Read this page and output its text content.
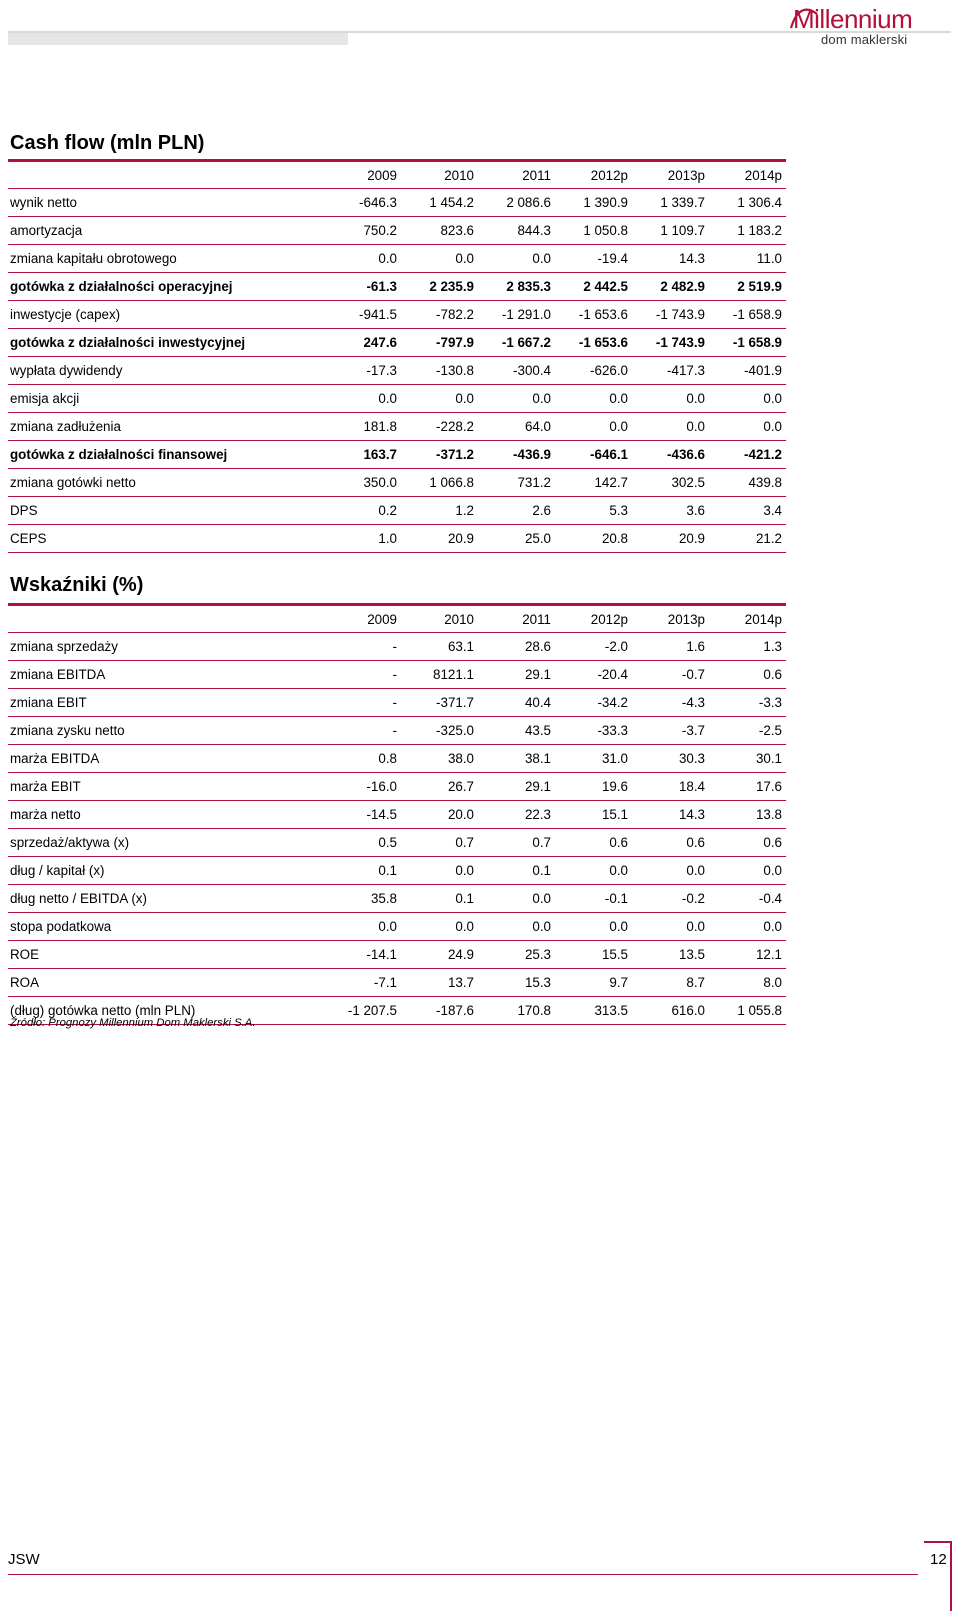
Millennium
dom maklerski
Cash flow (mln PLN)
	2009	2010	2011	2012p	2013p	2014p
wynik netto	-646.3	1 454.2	2 086.6	1 390.9	1 339.7	1 306.4
amortyzacja	750.2	823.6	844.3	1 050.8	1 109.7	1 183.2
zmiana kapitału obrotowego	0.0	0.0	0.0	-19.4	14.3	11.0
gotówka z działalności operacyjnej	-61.3	2 235.9	2 835.3	2 442.5	2 482.9	2 519.9
inwestycje (capex)	-941.5	-782.2	-1 291.0	-1 653.6	-1 743.9	-1 658.9
gotówka z działalności inwestycyjnej	247.6	-797.9	-1 667.2	-1 653.6	-1 743.9	-1 658.9
wypłata dywidendy	-17.3	-130.8	-300.4	-626.0	-417.3	-401.9
emisja akcji	0.0	0.0	0.0	0.0	0.0	0.0
zmiana zadłużenia	181.8	-228.2	64.0	0.0	0.0	0.0
gotówka z działalności finansowej	163.7	-371.2	-436.9	-646.1	-436.6	-421.2
zmiana gotówki netto	350.0	1 066.8	731.2	142.7	302.5	439.8
DPS	0.2	1.2	2.6	5.3	3.6	3.4
CEPS	1.0	20.9	25.0	20.8	20.9	21.2
Wskaźniki (%)
	2009	2010	2011	2012p	2013p	2014p
zmiana sprzedaży	-	63.1	28.6	-2.0	1.6	1.3
zmiana EBITDA	-	8121.1	29.1	-20.4	-0.7	0.6
zmiana EBIT	-	-371.7	40.4	-34.2	-4.3	-3.3
zmiana zysku netto	-	-325.0	43.5	-33.3	-3.7	-2.5
marża EBITDA	0.8	38.0	38.1	31.0	30.3	30.1
marża EBIT	-16.0	26.7	29.1	19.6	18.4	17.6
marża netto	-14.5	20.0	22.3	15.1	14.3	13.8
sprzedaż/aktywa (x)	0.5	0.7	0.7	0.6	0.6	0.6
dług / kapitał (x)	0.1	0.0	0.1	0.0	0.0	0.0
dług netto / EBITDA (x)	35.8	0.1	0.0	-0.1	-0.2	-0.4
stopa podatkowa	0.0	0.0	0.0	0.0	0.0	0.0
ROE	-14.1	24.9	25.3	15.5	13.5	12.1
ROA	-7.1	13.7	15.3	9.7	8.7	8.0
(dług) gotówka netto (mln PLN)	-1 207.5	-187.6	170.8	313.5	616.0	1 055.8
Źródło: Prognozy Millennium Dom Maklerski S.A.
JSW	12
